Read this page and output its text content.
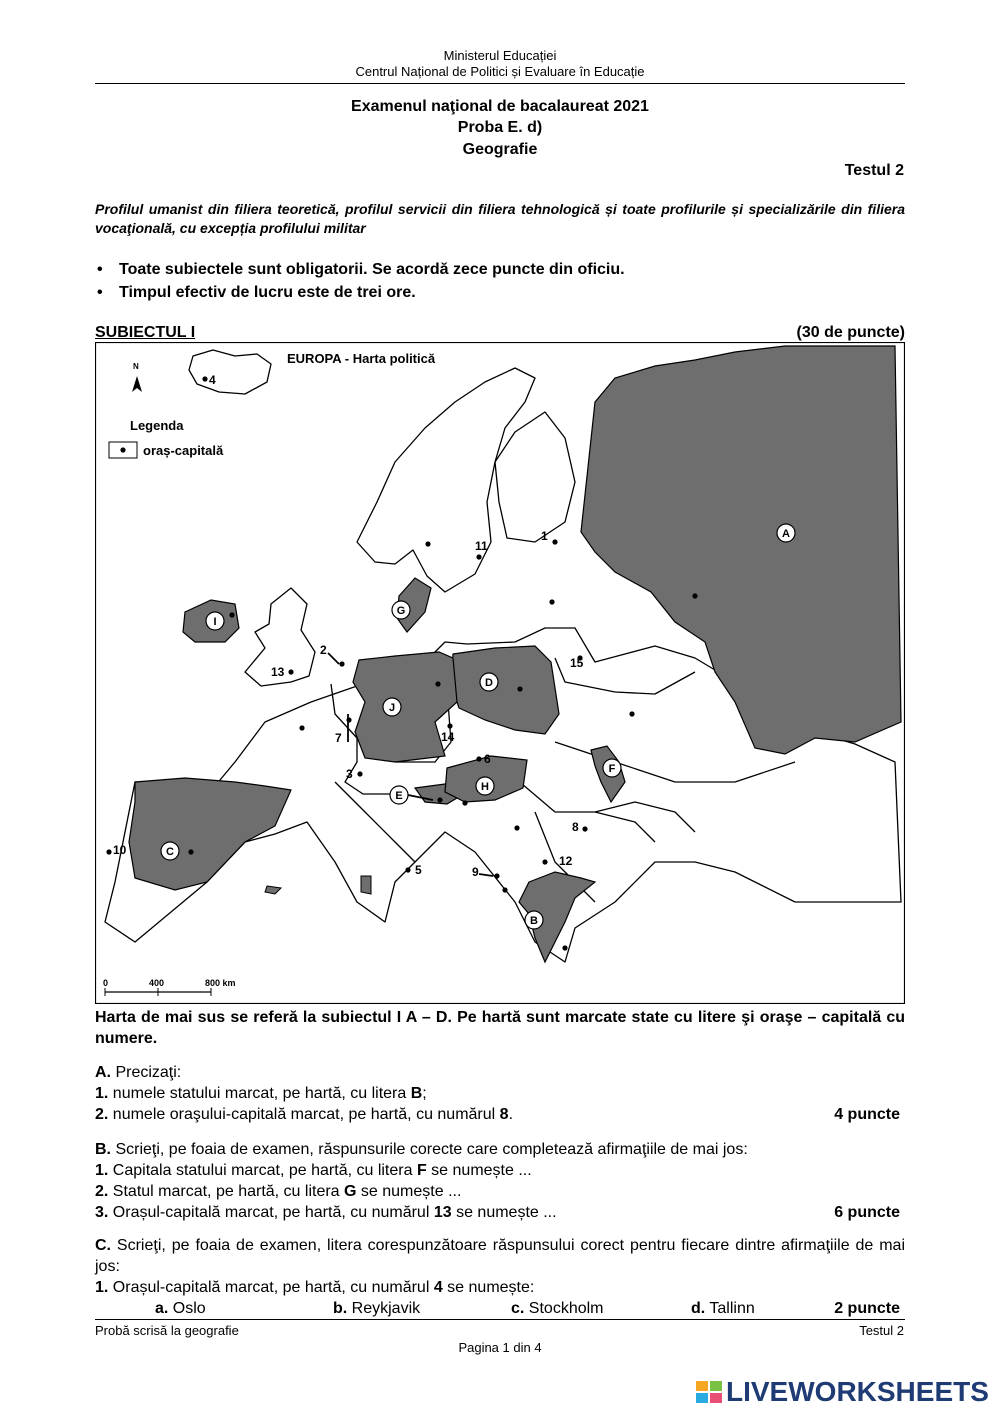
Ministerul Educației
Centrul Național de Politici și Evaluare în Educație
Examenul naţional de bacalaureat 2021
Proba E. d)
Geografie
Testul 2
Profilul umanist din filiera teoretică, profilul servicii din filiera tehnologică și toate profilurile și specializările din filiera vocaţională, cu excepția profilului militar
• Toate subiectele sunt obligatorii. Se acordă zece puncte din oficiu.
• Timpul efectiv de lucru este de trei ore.
SUBIECTUL I	(30 de puncte)
EUROPA - Harta politică
N
Legenda
oraș-capitală
0	400	800 km
A
B
C
D
E
F
G
H
I
J
1
2
3
4
5
6
7
8
9
10
11
12
13
14
15
Harta de mai sus se referă la subiectul I A – D. Pe hartă sunt marcate state cu litere şi oraşe – capitală cu numere.
A. Precizaţi:
1. numele statului marcat, pe hartă, cu litera B;
2. numele oraşului-capitală marcat, pe hartă, cu numărul 8.	4 puncte
B. Scrieţi, pe foaia de examen, răspunsurile corecte care completează afirmaţiile de mai jos:
1. Capitala statului marcat, pe hartă, cu litera F se numește ...
2. Statul marcat, pe hartă, cu litera G se numește ...
3. Orașul-capitală marcat, pe hartă, cu numărul 13 se numește ...	6 puncte
C. Scrieţi, pe foaia de examen, litera corespunzătoare răspunsului corect pentru fiecare dintre afirmaţiile de mai jos:
1. Orașul-capitală marcat, pe hartă, cu numărul 4 se numește:
a. Oslo	b. Reykjavik	c. Stockholm	d. Tallinn	2 puncte
Probă scrisă la geografie	Testul 2
Pagina 1 din 4
LIVEWORKSHEETS
